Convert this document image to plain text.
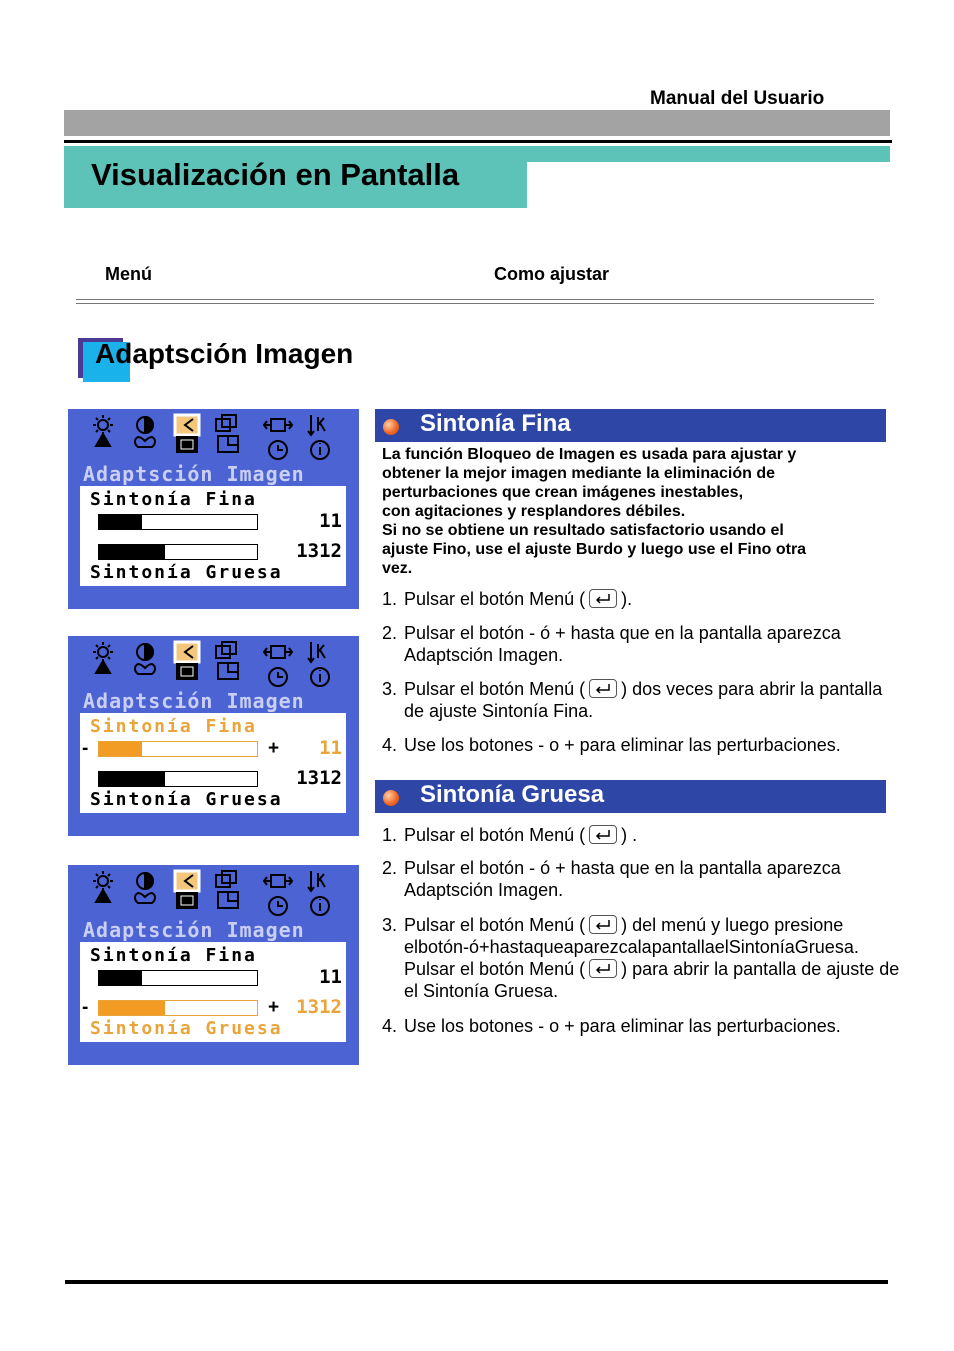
Manual del Usuario
Visualización en Pantalla
Menú	Como ajustar
Adaptsción Imagen
Adaptsción Imagen
Sintonía Fina
11
1312
Sintonía Gruesa
Adaptsción Imagen
Sintonía Fina
-	+ 11
1312
Sintonía Gruesa
Adaptsción Imagen
Sintonía Fina
11
-	+ 1312
Sintonía Gruesa
Sintonía Fina
La función Bloqueo de Imagen es usada para ajustar y
obtener la mejor imagen mediante la eliminación de
perturbaciones que crean imágenes inestables,
con agitaciones y resplandores débiles.
Si no se obtiene un resultado satisfactorio usando el
ajuste Fino, use el ajuste Burdo y luego use el Fino otra
vez.
1. Pulsar el botón Menú ( ).
2. Pulsar el botón - ó + hasta que en la pantalla aparezca Adaptsción Imagen.
3. Pulsar el botón Menú ( ) dos veces para abrir la pantalla de ajuste Sintonía Fina.
4. Use los botones - o + para eliminar las perturbaciones.
Sintonía Gruesa
1. Pulsar el botón Menú ( ) .
2. Pulsar el botón - ó + hasta que en la pantalla aparezca Adaptsción Imagen.
3. Pulsar el botón Menú ( ) del menú y luego presione
elbotón-ó+hastaqueaparezcalapantallaelSintoníaGruesa.
Pulsar el botón Menú ( ) para abrir la pantalla de ajuste de el Sintonía Gruesa.
4. Use los botones - o + para eliminar las perturbaciones.
